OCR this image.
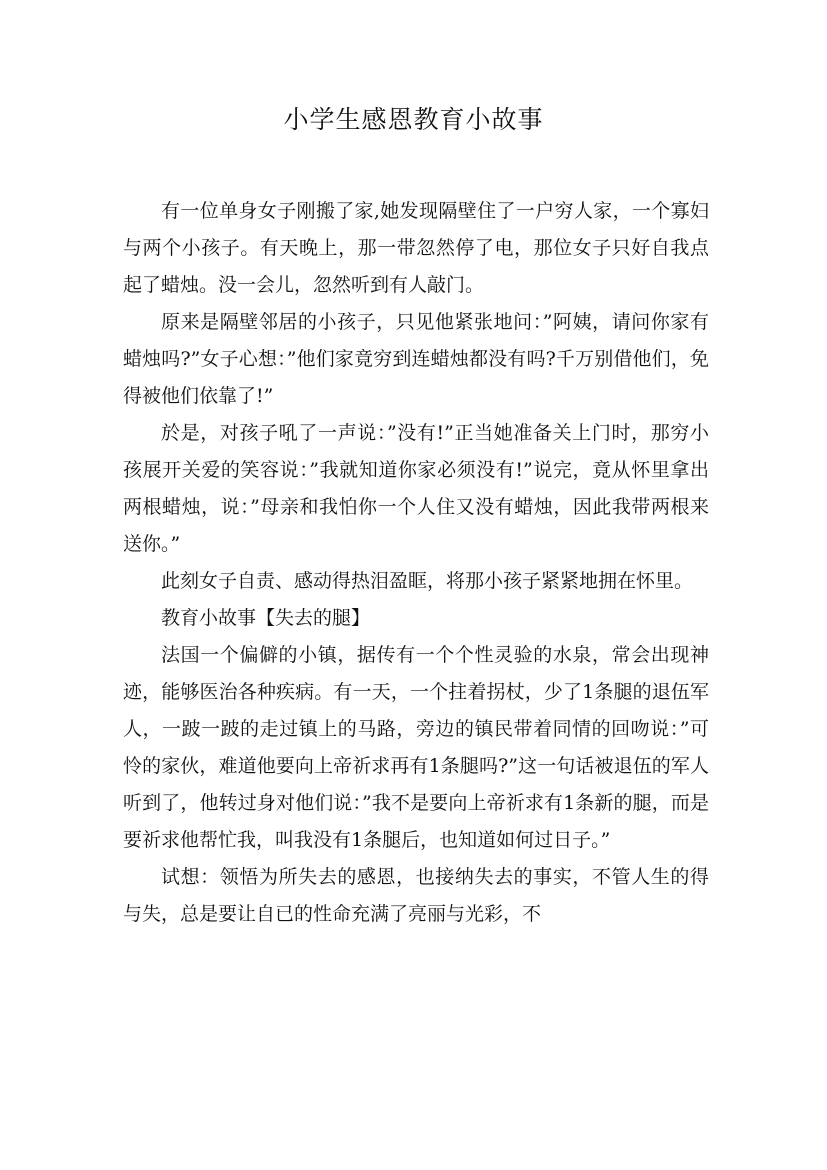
小学生感恩教育小故事

有一位单身女子刚搬了家,她发现隔壁住了一户穷人家，一个寡妇与两个小孩子。有天晚上，那一带忽然停了电，那位女子只好自我点起了蜡烛。没一会儿，忽然听到有人敲门。

原来是隔壁邻居的小孩子，只见他紧张地问：”阿姨，请问你家有蜡烛吗?”女子心想：”他们家竟穷到连蜡烛都没有吗?千万别借他们，免得被他们依靠了!”

於是，对孩子吼了一声说：”没有!”正当她准备关上门时，那穷小孩展开关爱的笑容说：”我就知道你家必须没有!”说完，竟从怀里拿出两根蜡烛，说：”母亲和我怕你一个人住又没有蜡烛，因此我带两根来送你。”

此刻女子自责、感动得热泪盈眶，将那小孩子紧紧地拥在怀里。

教育小故事【失去的腿】

法国一个偏僻的小镇，据传有一个个性灵验的水泉，常会出现神迹，能够医治各种疾病。有一天，一个拄着拐杖，少了1条腿的退伍军人，一跛一跛的走过镇上的马路，旁边的镇民带着同情的回吻说：”可怜的家伙，难道他要向上帝祈求再有1条腿吗?”这一句话被退伍的军人听到了，他转过身对他们说：”我不是要向上帝祈求有1条新的腿，而是要祈求他帮忙我，叫我没有1条腿后，也知道如何过日子。”

试想：领悟为所失去的感恩，也接纳失去的事实，不管人生的得与失，总是要让自已的性命充满了亮丽与光彩，不
